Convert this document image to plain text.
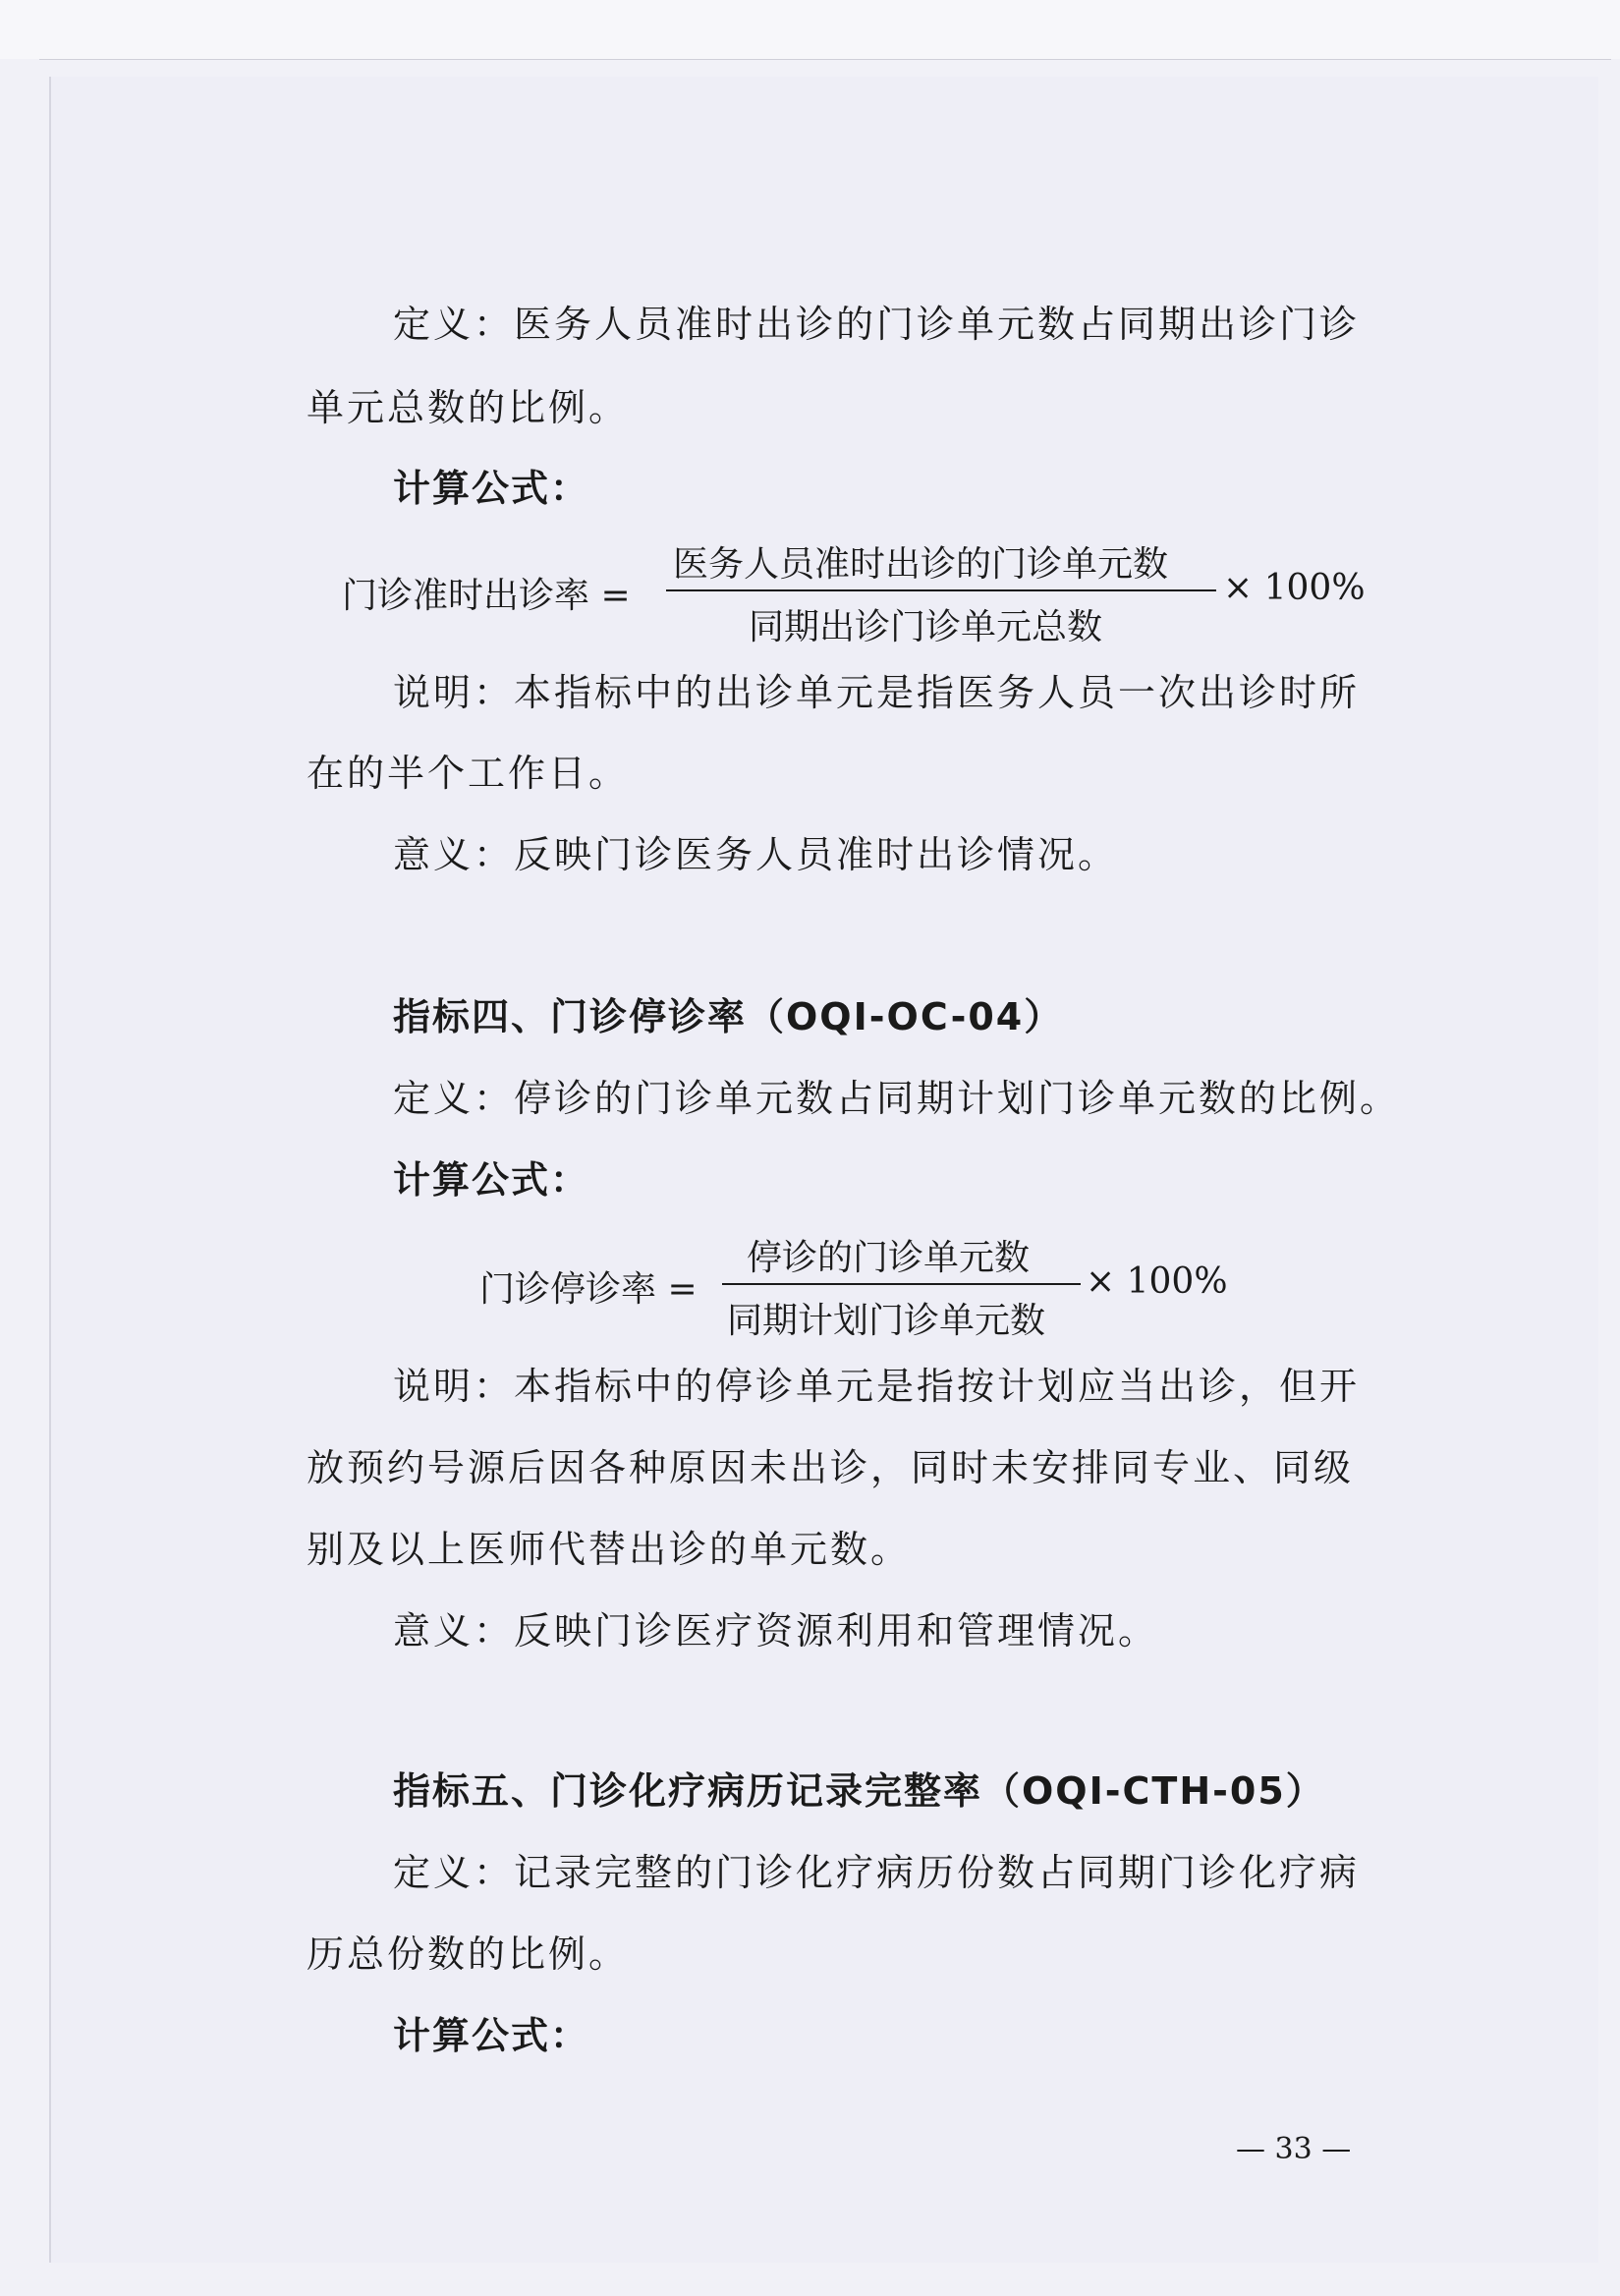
定义：医务人员准时出诊的门诊单元数占同期出诊门诊
单元总数的比例。
计算公式：
门诊准时出诊率 =
医务人员准时出诊的门诊单元数
同期出诊门诊单元总数
× 100%
说明：本指标中的出诊单元是指医务人员一次出诊时所
在的半个工作日。
意义：反映门诊医务人员准时出诊情况。
指标四、门诊停诊率（OQI-OC-04）
定义：停诊的门诊单元数占同期计划门诊单元数的比例。
计算公式：
门诊停诊率 =
停诊的门诊单元数
同期计划门诊单元数
× 100%
说明：本指标中的停诊单元是指按计划应当出诊，但开
放预约号源后因各种原因未出诊，同时未安排同专业、同级
别及以上医师代替出诊的单元数。
意义：反映门诊医疗资源利用和管理情况。
指标五、门诊化疗病历记录完整率（OQI-CTH-05）
定义：记录完整的门诊化疗病历份数占同期门诊化疗病
历总份数的比例。
计算公式：
— 33 —
